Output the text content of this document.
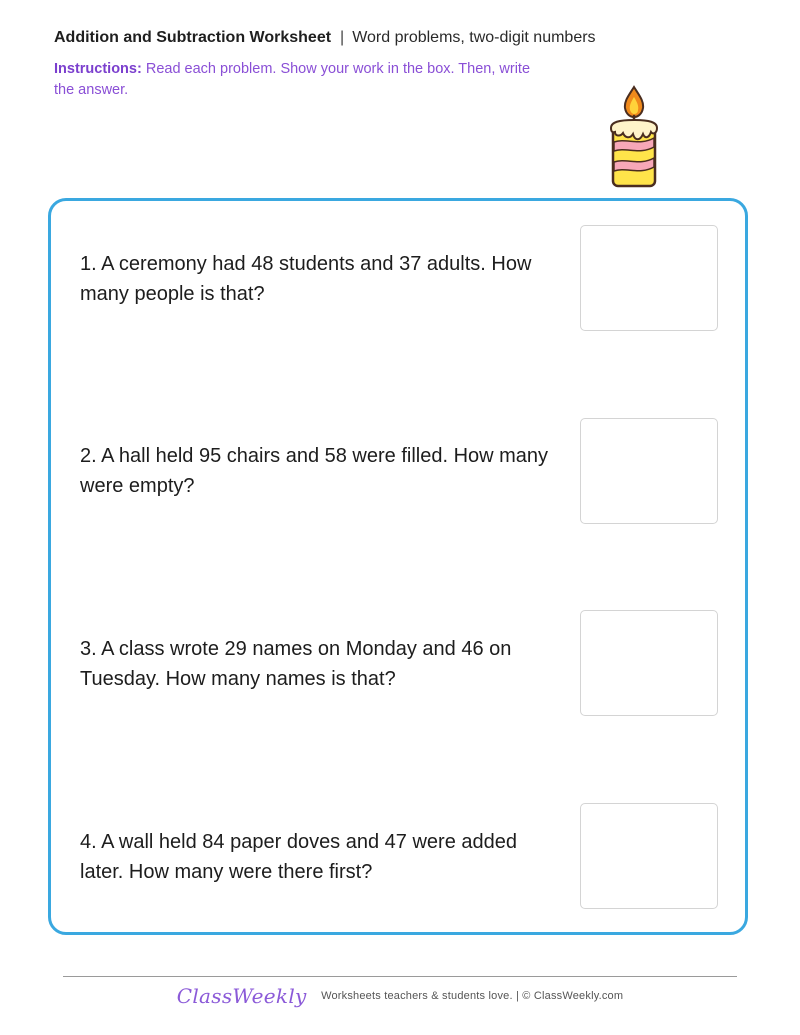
Addition and Subtraction Worksheet | Word problems, two-digit numbers
Instructions: Read each problem. Show your work in the box. Then, write the answer.
1. A ceremony had 48 students and 37 adults. How many people is that?
2. A hall held 95 chairs and 58 were filled. How many were empty?
3. A class wrote 29 names on Monday and 46 on Tuesday. How many names is that?
4. A wall held 84 paper doves and 47 were added later. How many were there first?
ClassWeekly Worksheets teachers & students love. | © ClassWeekly.com
